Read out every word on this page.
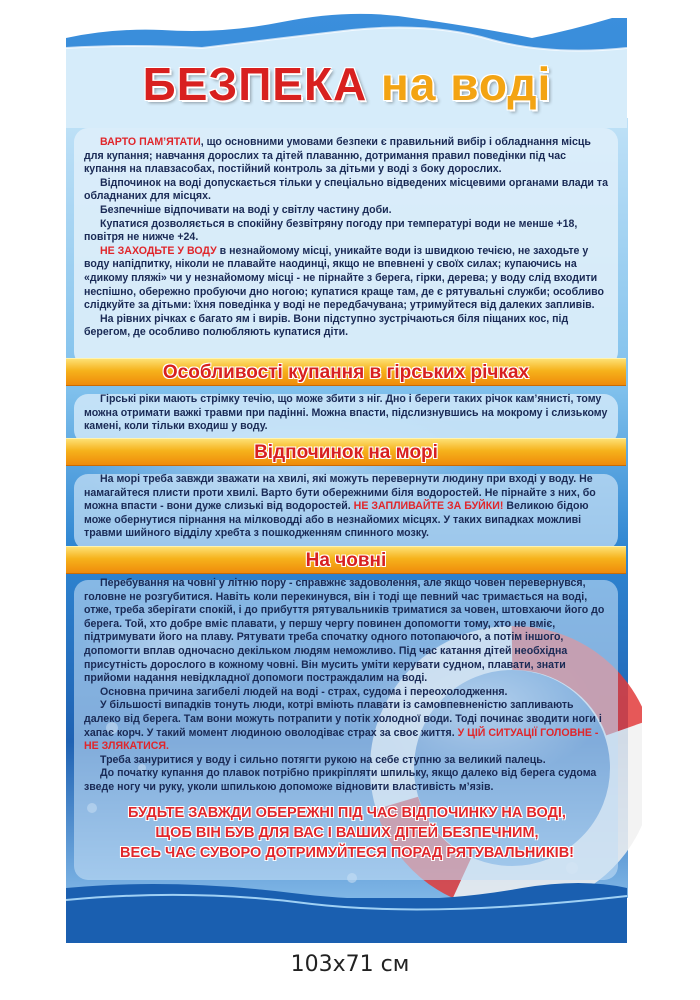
БЕЗПЕКА на воді

ВАРТО ПАМ’ЯТАТИ, що основними умовами безпеки є правильний вибір і обладнання місць для купання; навчання дорослих та дітей плаванню, дотримання правил поведінки під час купання на плавзасобах, постійний контроль за дітьми у воді з боку дорослих.

Відпочинок на воді допускається тільки у спеціально відведених місцевими органами влади та обладнаних для місцях.

Безпечніше відпочивати на воді у світлу частину доби.

Купатися дозволяється в спокійну безвітряну погоду при температурі води не менше +18, повітря не нижче +24.

НЕ ЗАХОДЬТЕ У ВОДУ в незнайомому місці, уникайте води із швидкою течією, не заходьте у воду напідпитку, ніколи не плавайте наодинці, якщо не впевнені у своїх силах; купаючись на «дикому пляжі» чи у незнайомому місці - не пірнайте з берега, гірки, дерева; у воду слід входити неспішно, обережно пробуючи дно ногою; купатися краще там, де є рятувальні служби; особливо слідкуйте за дітьми: їхня поведінка у воді не передбачувана; утримуйтеся від далеких запливів.

На рівних річках є багато ям і вирів. Вони підступно зустрічаються біля піщаних кос, під берегом, де особливо полюбляють купатися діти.

Особливості купання в гірських річках

Гірські ріки мають стрімку течію, що може збити з ніг. Дно і береги таких річок кам’янисті, тому можна отримати важкі травми при падінні. Можна впасти, підслизнувшись на мокрому і слизькому камені, коли тільки входиш у воду.

Відпочинок на морі

На морі треба завжди зважати на хвилі, які можуть перевернути людину при вході у воду. Не намагайтеся плисти проти хвилі. Варто бути обережними біля водоростей. Не пірнайте з них, бо можна впасти - вони дуже слизькі від водоростей. НЕ ЗАПЛИВАЙТЕ ЗА БУЙКИ! Великою бідою може обернутися пірнання на мілководді або в незнайомих місцях. У таких випадках можливі травми шийного відділу хребта з пошкодженням спинного мозку.

На човні

Перебування на човні у літню пору - справжнє задоволення, але якщо човен перевернувся, головне не розгубитися. Навіть коли перекинувся, він і тоді ще певний час тримається на воді, отже, треба зберігати спокій, і до прибуття рятувальників триматися за човен, штовхаючи його до берега. Той, хто добре вміє плавати, у першу чергу повинен допомогти тому, хто не вміє, підтримувати його на плаву. Рятувати треба спочатку одного потопаючого, а потім іншого, допомогти вплав одночасно декільком людям неможливо. Під час катання дітей необхідна присутність дорослого в кожному човні. Він мусить уміти керувати судном, плавати, знати прийоми надання невідкладної допомоги постраждалим на воді.

Основна причина загибелі людей на воді - страх, судома і переохолодження.

У більшості випадків тонуть люди, котрі вміють плавати із самовпевненістю запливають далеко від берега. Там вони можуть потрапити у потік холодної води. Тоді починає зводити ноги і хапає корч. У такий момент людиною оволодіває страх за своє життя. У ЦІЙ СИТУАЦІЇ ГОЛОВНЕ - НЕ ЗЛЯКАТИСЯ.

Треба зануритися у воду і сильно потягти рукою на себе ступню за великий палець.

До початку купання до плавок потрібно прикріпляти шпильку, якщо далеко від берега судома зведе ногу чи руку, уколи шпилькою допоможе відновити властивість м’язів.

БУДЬТЕ ЗАВЖДИ ОБЕРЕЖНІ ПІД ЧАС ВІДПОЧИНКУ НА ВОДІ,
ЩОБ ВІН БУВ ДЛЯ ВАС І ВАШИХ ДІТЕЙ БЕЗПЕЧНИМ,
ВЕСЬ ЧАС СУВОРО ДОТРИМУЙТЕСЯ ПОРАД РЯТУВАЛЬНИКІВ!
103x71 см
